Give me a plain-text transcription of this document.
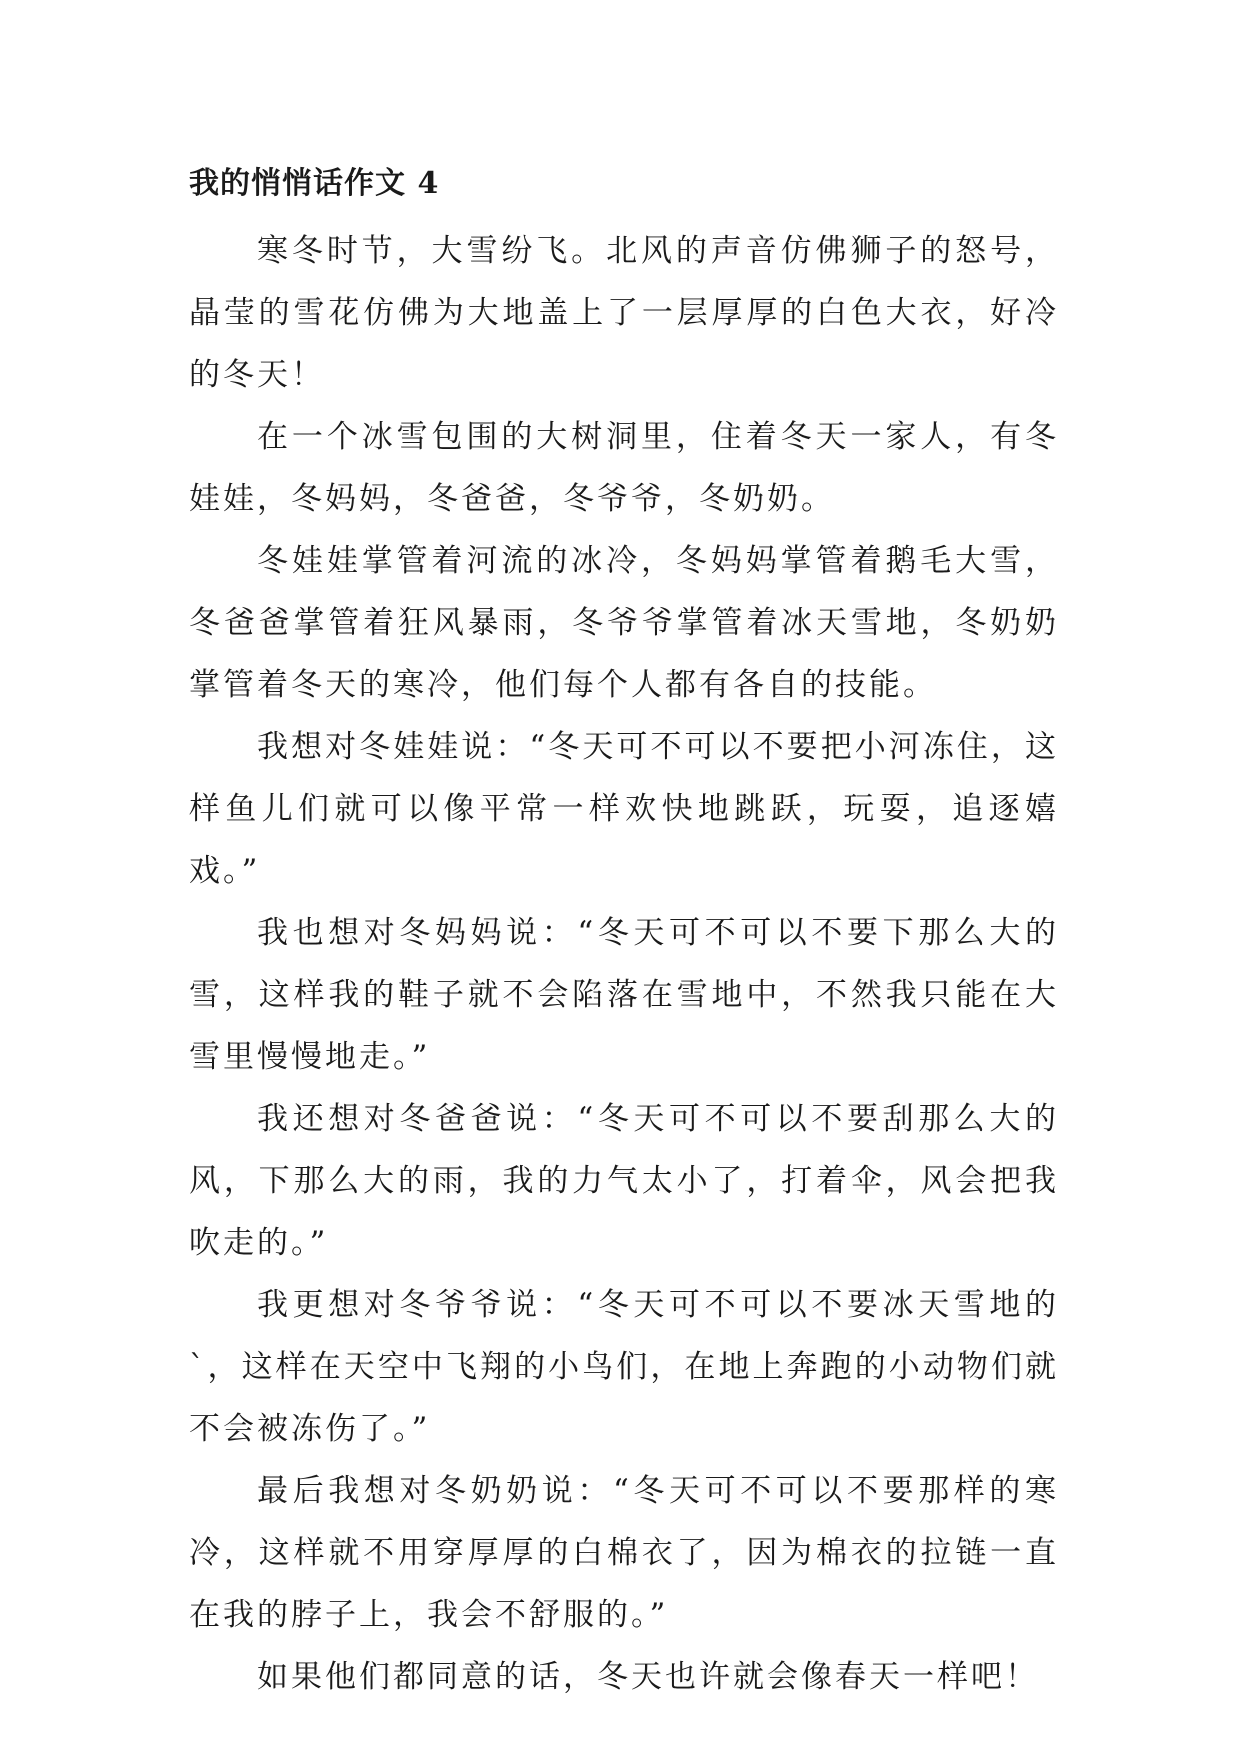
我的悄悄话作文 4

寒冬时节，大雪纷飞。北风的声音仿佛狮子的怒号，晶莹的雪花仿佛为大地盖上了一层厚厚的白色大衣，好冷的冬天！

在一个冰雪包围的大树洞里，住着冬天一家人，有冬娃娃，冬妈妈，冬爸爸，冬爷爷，冬奶奶。

冬娃娃掌管着河流的冰冷，冬妈妈掌管着鹅毛大雪，冬爸爸掌管着狂风暴雨，冬爷爷掌管着冰天雪地，冬奶奶掌管着冬天的寒冷，他们每个人都有各自的技能。

我想对冬娃娃说：“冬天可不可以不要把小河冻住，这样鱼儿们就可以像平常一样欢快地跳跃，玩耍，追逐嬉戏。”

我也想对冬妈妈说：“冬天可不可以不要下那么大的雪，这样我的鞋子就不会陷落在雪地中，不然我只能在大雪里慢慢地走。”

我还想对冬爸爸说：“冬天可不可以不要刮那么大的风，下那么大的雨，我的力气太小了，打着伞，风会把我吹走的。”

我更想对冬爷爷说：“冬天可不可以不要冰天雪地的`，这样在天空中飞翔的小鸟们，在地上奔跑的小动物们就不会被冻伤了。”

最后我想对冬奶奶说：“冬天可不可以不要那样的寒冷，这样就不用穿厚厚的白棉衣了，因为棉衣的拉链一直在我的脖子上，我会不舒服的。”

如果他们都同意的话，冬天也许就会像春天一样吧！
